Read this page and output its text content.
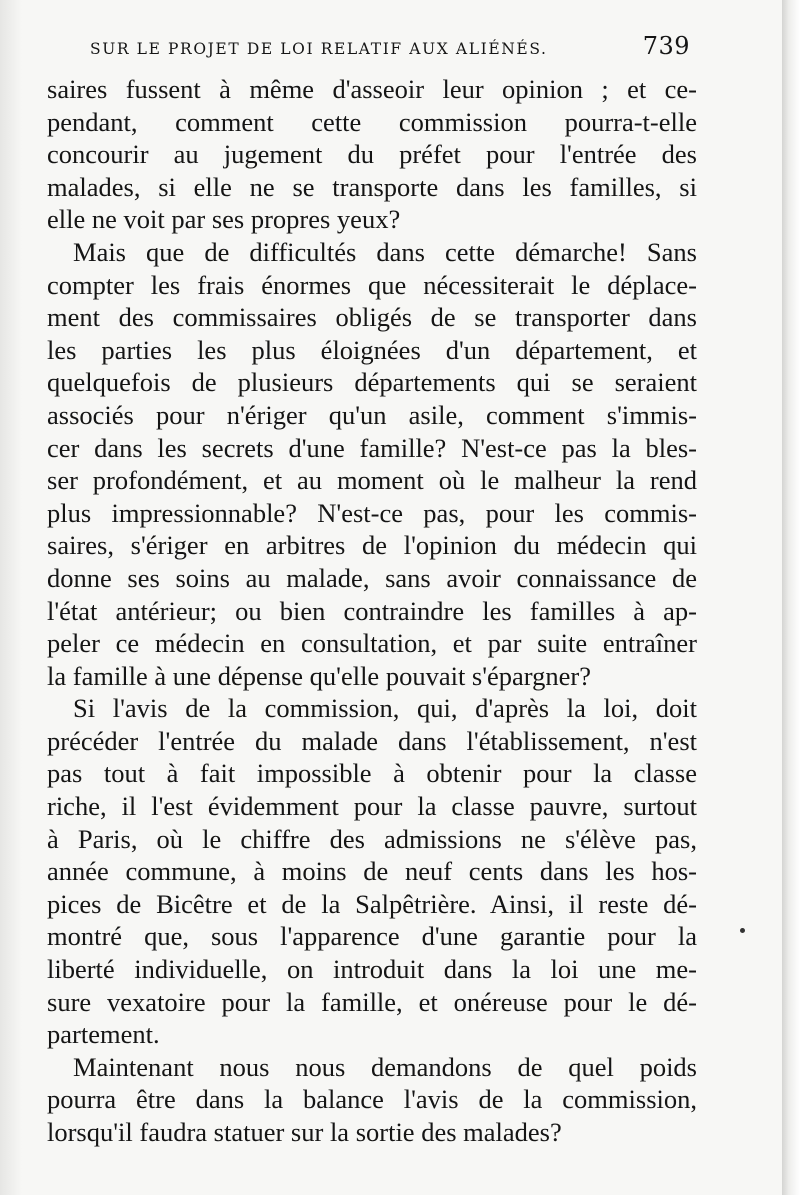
SUR LE PROJET DE LOI RELATIF AUX ALIÉNÉS.	739
saires fussent à même d'asseoir leur opinion ; et ce-
pendant, comment cette commission pourra-t-elle
concourir au jugement du préfet pour l'entrée des
malades, si elle ne se transporte dans les familles, si
elle ne voit par ses propres yeux?
Mais que de difficultés dans cette démarche! Sans
compter les frais énormes que nécessiterait le déplace-
ment des commissaires obligés de se transporter dans
les parties les plus éloignées d'un département, et
quelquefois de plusieurs départements qui se seraient
associés pour n'ériger qu'un asile, comment s'immis-
cer dans les secrets d'une famille? N'est-ce pas la bles-
ser profondément, et au moment où le malheur la rend
plus impressionnable? N'est-ce pas, pour les commis-
saires, s'ériger en arbitres de l'opinion du médecin qui
donne ses soins au malade, sans avoir connaissance de
l'état antérieur; ou bien contraindre les familles à ap-
peler ce médecin en consultation, et par suite entraîner
la famille à une dépense qu'elle pouvait s'épargner?
Si l'avis de la commission, qui, d'après la loi, doit
précéder l'entrée du malade dans l'établissement, n'est
pas tout à fait impossible à obtenir pour la classe
riche, il l'est évidemment pour la classe pauvre, surtout
à Paris, où le chiffre des admissions ne s'élève pas,
année commune, à moins de neuf cents dans les hos-
pices de Bicêtre et de la Salpêtrière. Ainsi, il reste dé-
montré que, sous l'apparence d'une garantie pour la
liberté individuelle, on introduit dans la loi une me-
sure vexatoire pour la famille, et onéreuse pour le dé-
partement.
Maintenant nous nous demandons de quel poids
pourra être dans la balance l'avis de la commission,
lorsqu'il faudra statuer sur la sortie des malades?
